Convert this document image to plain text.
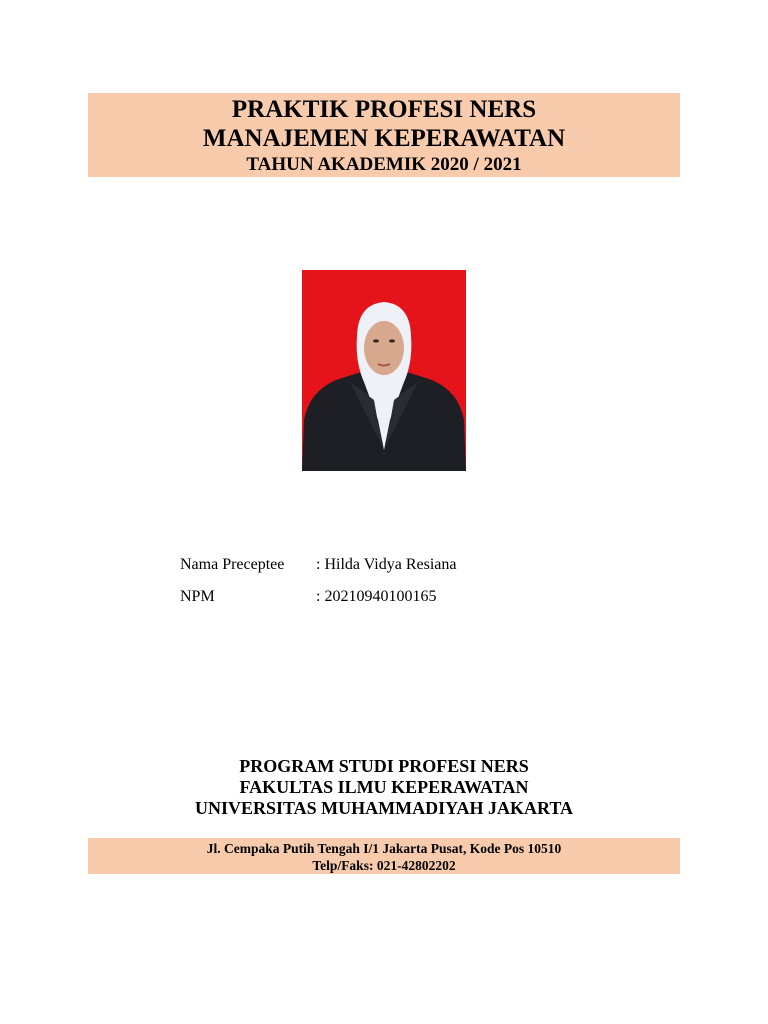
PRAKTIK PROFESI NERS
MANAJEMEN KEPERAWATAN
TAHUN AKADEMIK 2020 / 2021
Nama Preceptee : Hilda Vidya Resiana
NPM	: 20210940100165
PROGRAM STUDI PROFESI NERS
FAKULTAS ILMU KEPERAWATAN
UNIVERSITAS MUHAMMADIYAH JAKARTA
Jl. Cempaka Putih Tengah I/1 Jakarta Pusat, Kode Pos 10510
Telp/Faks: 021-42802202
